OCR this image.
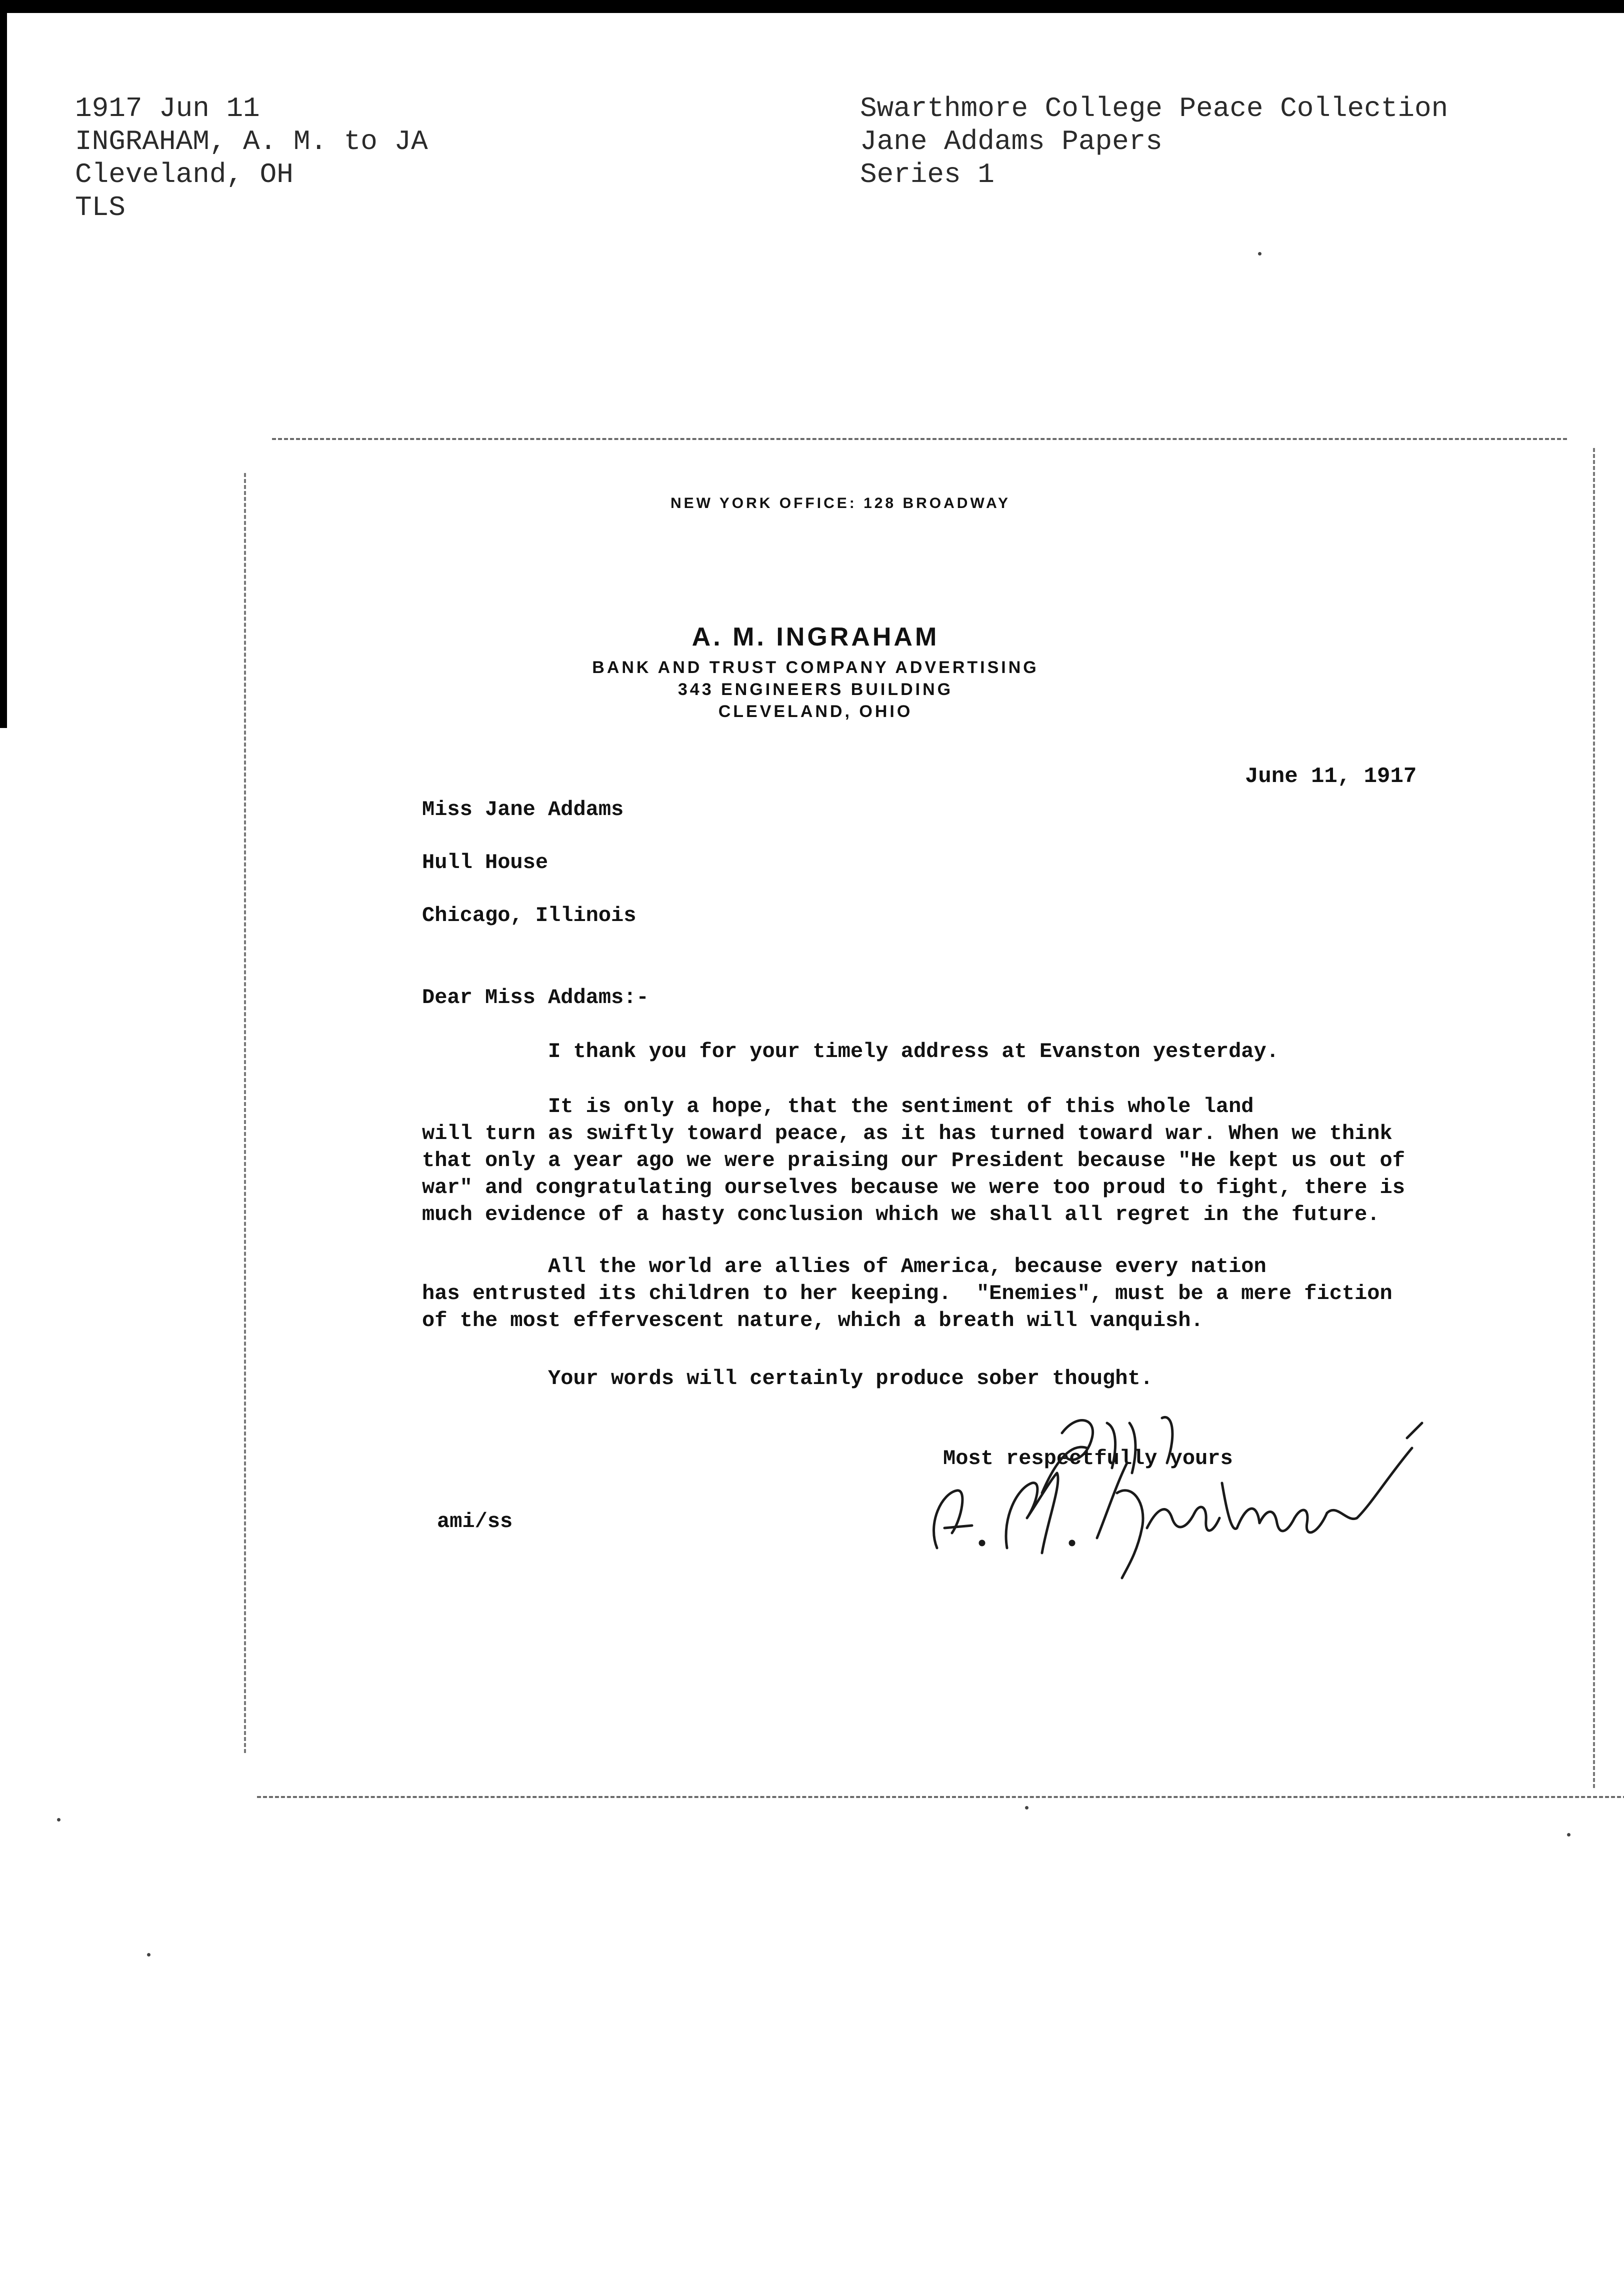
1917 Jun 11
INGRAHAM, A. M. to JA
Cleveland, OH
TLS
Swarthmore College Peace Collection
Jane Addams Papers
Series 1
NEW YORK OFFICE: 128 BROADWAY
A. M. INGRAHAM
BANK AND TRUST COMPANY ADVERTISING
343 ENGINEERS BUILDING
CLEVELAND, OHIO
June 11, 1917
Miss Jane Addams
Hull House
Chicago, Illinois
Dear Miss Addams:-
I thank you for your timely address at Evanston yesterday.
It is only a hope, that the sentiment of this whole land
will turn as swiftly toward peace, as it has turned toward war. When we think
that only a year ago we were praising our President because "He kept us out of
war" and congratulating ourselves because we were too proud to fight, there is
much evidence of a hasty conclusion which we shall all regret in the future.
All the world are allies of America, because every nation
has entrusted its children to her keeping.  "Enemies", must be a mere fiction
of the most effervescent nature, which a breath will vanquish.
Your words will certainly produce sober thought.
Most respectfully yours
ami/ss
